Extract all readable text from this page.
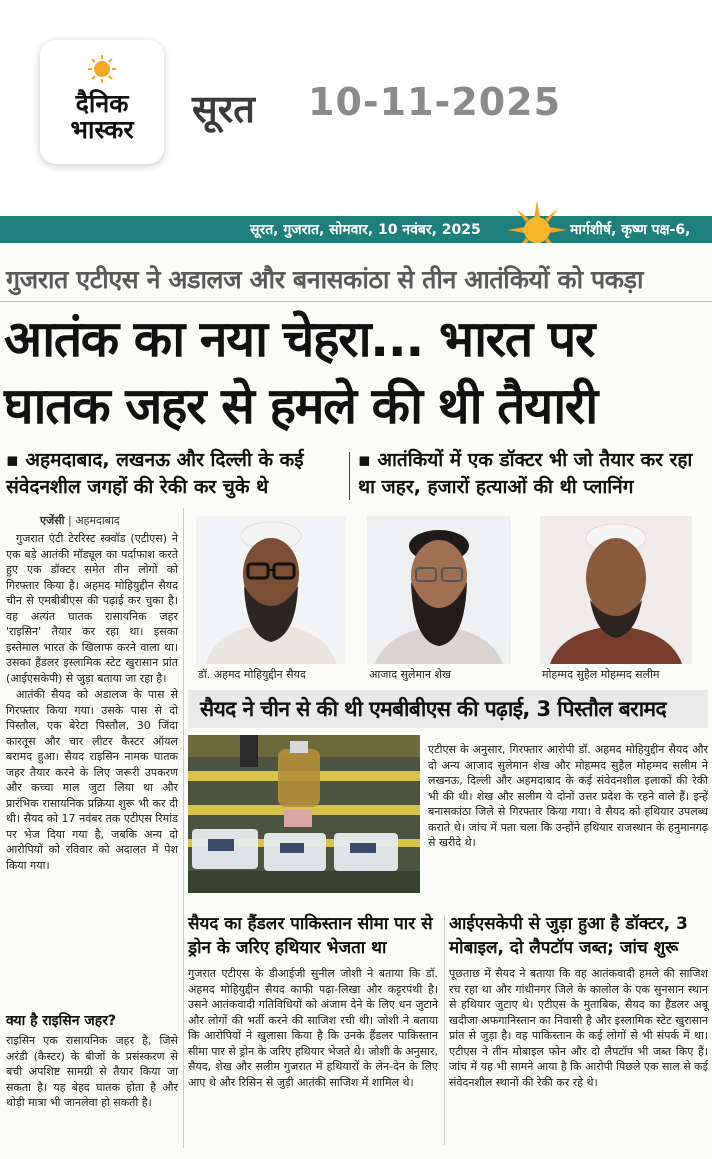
दैनिक
भास्कर	सूरत 10-11-2025
सूरत, गुजरात, सोमवार, 10 नवंबर, 2025	मार्गशीर्ष, कृष्ण पक्ष-6,
गुजरात एटीएस ने अडालज और बनासकांठा से तीन आतंकियों को पकड़ा
आतंक का नया चेहरा... भारत पर
घातक जहर से हमले की थी तैयारी
▪ अहमदाबाद, लखनऊ और दिल्ली के कई संवेदनशील जगहों की रेकी कर चुके थे
▪ आतंकियों में एक डॉक्टर भी जो तैयार कर रहा था जहर, हजारों हत्याओं की थी प्लानिंग
एजेंसी | अहमदाबाद

गुजरात एंटी टेररिस्ट स्क्वॉड (एटीएस) ने एक बड़े आतंकी मॉड्यूल का पर्दाफाश करते हुए एक डॉक्टर समेत तीन लोगों को गिरफ्तार किया है। अहमद मोहियुद्दीन सैयद चीन से एमबीबीएस की पढ़ाई कर चुका है। वह अत्यंत घातक रासायनिक जहर 'राइसिन' तैयार कर रहा था। इसका इस्तेमाल भारत के खिलाफ करने वाला था। उसका हैंडलर इस्लामिक स्टेट खुरासान प्रांत (आईएसकेपी) से जुड़ा बताया जा रहा है।

आतंकी सैयद को अडालज के पास से गिरफ्तार किया गया। उसके पास से दो पिस्तौल, एक बेरेटा पिस्तौल, 30 जिंदा कारतूस और चार लीटर कैस्टर ऑयल बरामद हुआ। सैयद राइसिन नामक घातक जहर तैयार करने के लिए जरूरी उपकरण और कच्चा माल जुटा लिया था और प्रारंभिक रासायनिक प्रक्रिया शुरू भी कर दी थी। सैयद को 17 नवंबर तक एटीएस रिमांड पर भेज दिया गया है, जबकि अन्य दो आरोपियों को रविवार को अदालत में पेश किया गया।

क्या है राइसिन जहर?
राइसिन एक रासायनिक जहर है, जिसे अरंडी (कैस्टर) के बीजों के प्रसंस्करण से बची अपशिष्ट सामग्री से तैयार किया जा सकता है। यह बेहद घातक होता है और थोड़ी मात्रा भी जानलेवा हो सकती है।
डॉ. अहमद मोहियुद्दीन सैयद	आजाद सुलेमान शेख	मोहम्मद सुहैल मोहम्मद सलीम
सैयद ने चीन से की थी एमबीबीएस की पढ़ाई, 3 पिस्तौल बरामद
एटीएस के अनुसार, गिरफ्तार आरोपी डॉ. अहमद मोहियुद्दीन सैयद और दो अन्य आजाद सुलेमान शेख और मोहम्मद सुहैल मोहम्मद सलीम ने लखनऊ, दिल्ली और अहमदाबाद के कई संवेदनशील इलाकों की रेकी भी की थी। शेख और सलीम ये दोनों उत्तर प्रदेश के रहने वाले हैं। इन्हें बनासकांठा जिले से गिरफ्तार किया गया। वे सैयद को हथियार उपलब्ध कराते थे। जांच में पता चला कि उन्होंने हथियार राजस्थान के हनुमानगढ़ से खरीदे थे।
सैयद का हैंडलर पाकिस्तान सीमा पार से ड्रोन के जरिए हथियार भेजता था
आईएसकेपी से जुड़ा हुआ है डॉक्टर, 3 मोबाइल, दो लैपटॉप जब्त; जांच शुरू
गुजरात एटीएस के डीआईजी सुनील जोशी ने बताया कि डॉ. अहमद मोहियुद्दीन सैयद काफी पढ़ा-लिखा और कट्टरपंथी है। उसने आतंकवादी गतिविधियों को अंजाम देने के लिए धन जुटाने और लोगों की भर्ती करने की साजिश रची थी। जोशी ने बताया कि आरोपियों ने खुलासा किया है कि उनके हैंडलर पाकिस्तान सीमा पार से ड्रोन के जरिए हथियार भेजते थे। जोशी के अनुसार, सैयद, शेख और सलीम गुजरात में हथियारों के लेन-देन के लिए आए थे और रिसिन से जुड़ी आतंकी साजिश में शामिल थे।
पूछताछ में सैयद ने बताया कि वह आतंकवादी हमले की साजिश रच रहा था और गांधीनगर जिले के कालोल के एक सुनसान स्थान से हथियार जुटाए थे। एटीएस के मुताबिक, सैयद का हैंडलर अबू खदीजा अफगानिस्तान का निवासी है और इस्लामिक स्टेट खुरासान प्रांत से जुड़ा है। वह पाकिस्तान के कई लोगों से भी संपर्क में था। एटीएस ने तीन मोबाइल फोन और दो लैपटॉप भी जब्त किए हैं। जांच में यह भी सामने आया है कि आरोपी पिछले एक साल से कई संवेदनशील स्थानों की रेकी कर रहे थे।
